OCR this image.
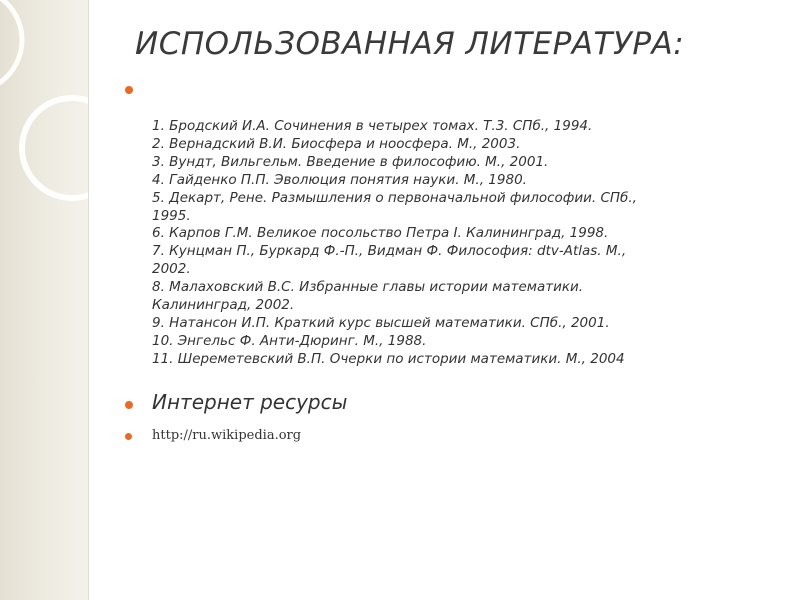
ИСПОЛЬЗОВАННАЯ ЛИТЕРАТУРА:
1. Бродский И.А. Сочинения в четырех томах. Т.3. СПб., 1994.
2. Вернадский В.И. Биосфера и ноосфера. М., 2003.
3. Вундт, Вильгельм. Введение в философию. М., 2001.
4. Гайденко П.П. Эволюция понятия науки. М., 1980.
5. Декарт, Рене. Размышления о первоначальной философии. СПб.,
1995.
6. Карпов Г.М. Великое посольство Петра I. Калининград, 1998.
7. Кунцман П., Буркард Ф.-П., Видман Ф. Философия: dtv-Atlas. М.,
2002.
8. Малаховский В.С. Избранные главы истории математики.
Калининград, 2002.
9. Натансон И.П. Краткий курс высшей математики. СПб., 2001.
10. Энгельс Ф. Анти-Дюринг. М., 1988.
11. Шереметевский В.П. Очерки по истории математики. М., 2004
Интернет ресурсы
http://ru.wikipedia.org
